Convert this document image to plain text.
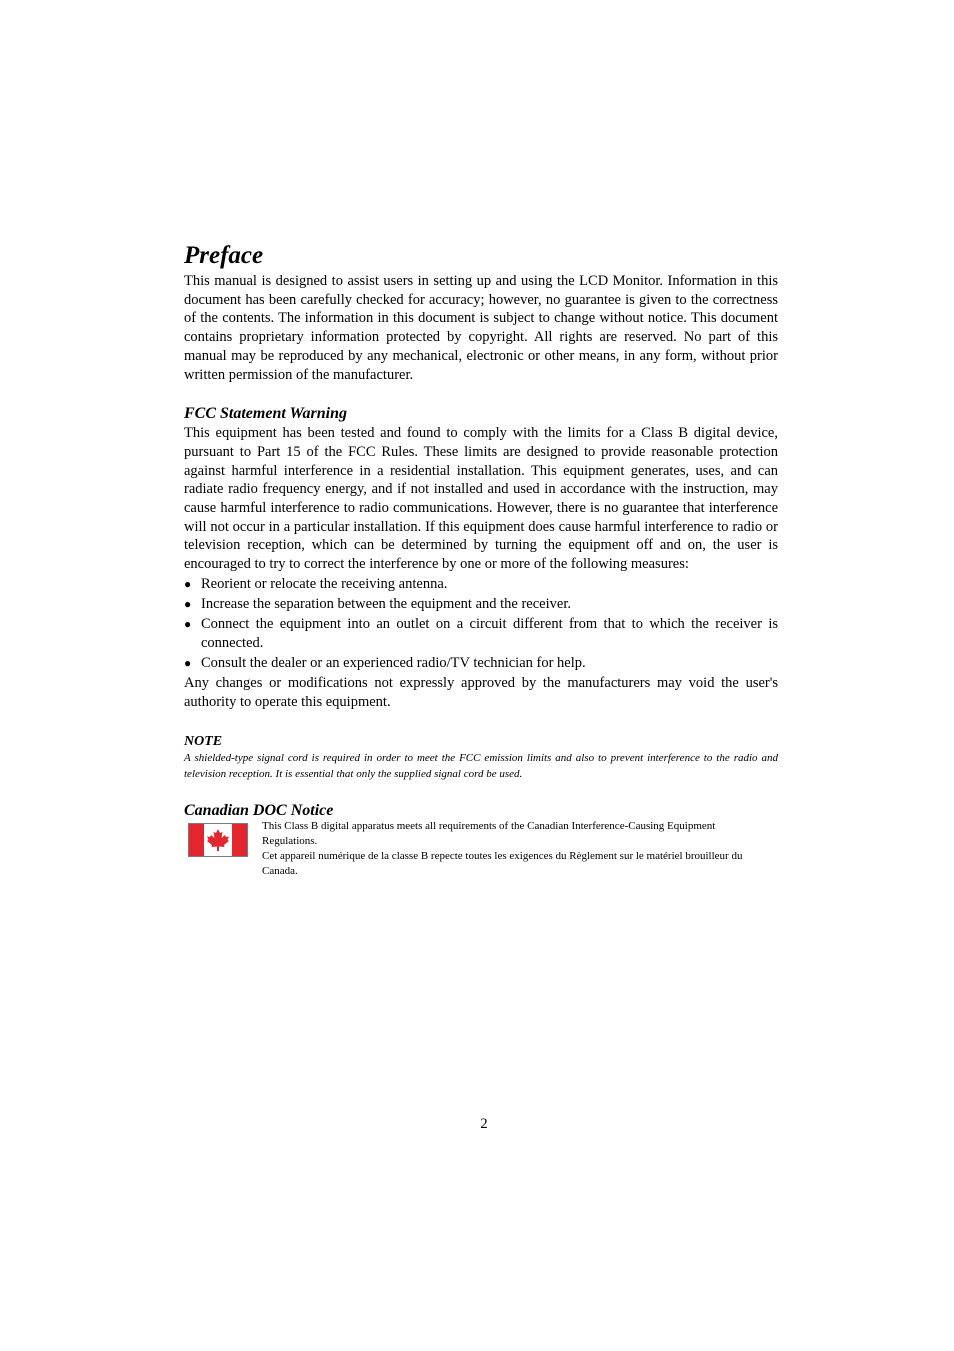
Preface

This manual is designed to assist users in setting up and using the LCD Monitor. Information in this document has been carefully checked for accuracy; however, no guarantee is given to the correctness of the contents. The information in this document is subject to change without notice. This document contains proprietary information protected by copyright. All rights are reserved. No part of this manual may be reproduced by any mechanical, electronic or other means, in any form, without prior written permission of the manufacturer.

FCC Statement Warning

This equipment has been tested and found to comply with the limits for a Class B digital device, pursuant to Part 15 of the FCC Rules. These limits are designed to provide reasonable protection against harmful interference in a residential installation. This equipment generates, uses, and can radiate radio frequency energy, and if not installed and used in accordance with the instruction, may cause harmful interference to radio communications. However, there is no guarantee that interference will not occur in a particular installation. If this equipment does cause harmful interference to radio or television reception, which can be determined by turning the equipment off and on, the user is encouraged to try to correct the interference by one or more of the following measures:

● Reorient or relocate the receiving antenna.
● Increase the separation between the equipment and the receiver.
● Connect the equipment into an outlet on a circuit different from that to which the receiver is connected.
● Consult the dealer or an experienced radio/TV technician for help.

Any changes or modifications not expressly approved by the manufacturers may void the user's authority to operate this equipment.

NOTE

A shielded-type signal cord is required in order to meet the FCC emission limits and also to prevent interference to the radio and television reception. It is essential that only the supplied signal cord be used.

Canadian DOC Notice

This Class B digital apparatus meets all requirements of the Canadian Interference-Causing Equipment Regulations.

Cet appareil numérique de la classe B repecte toutes les exigences du Règlement sur le matériel brouilleur du Canada.

2
